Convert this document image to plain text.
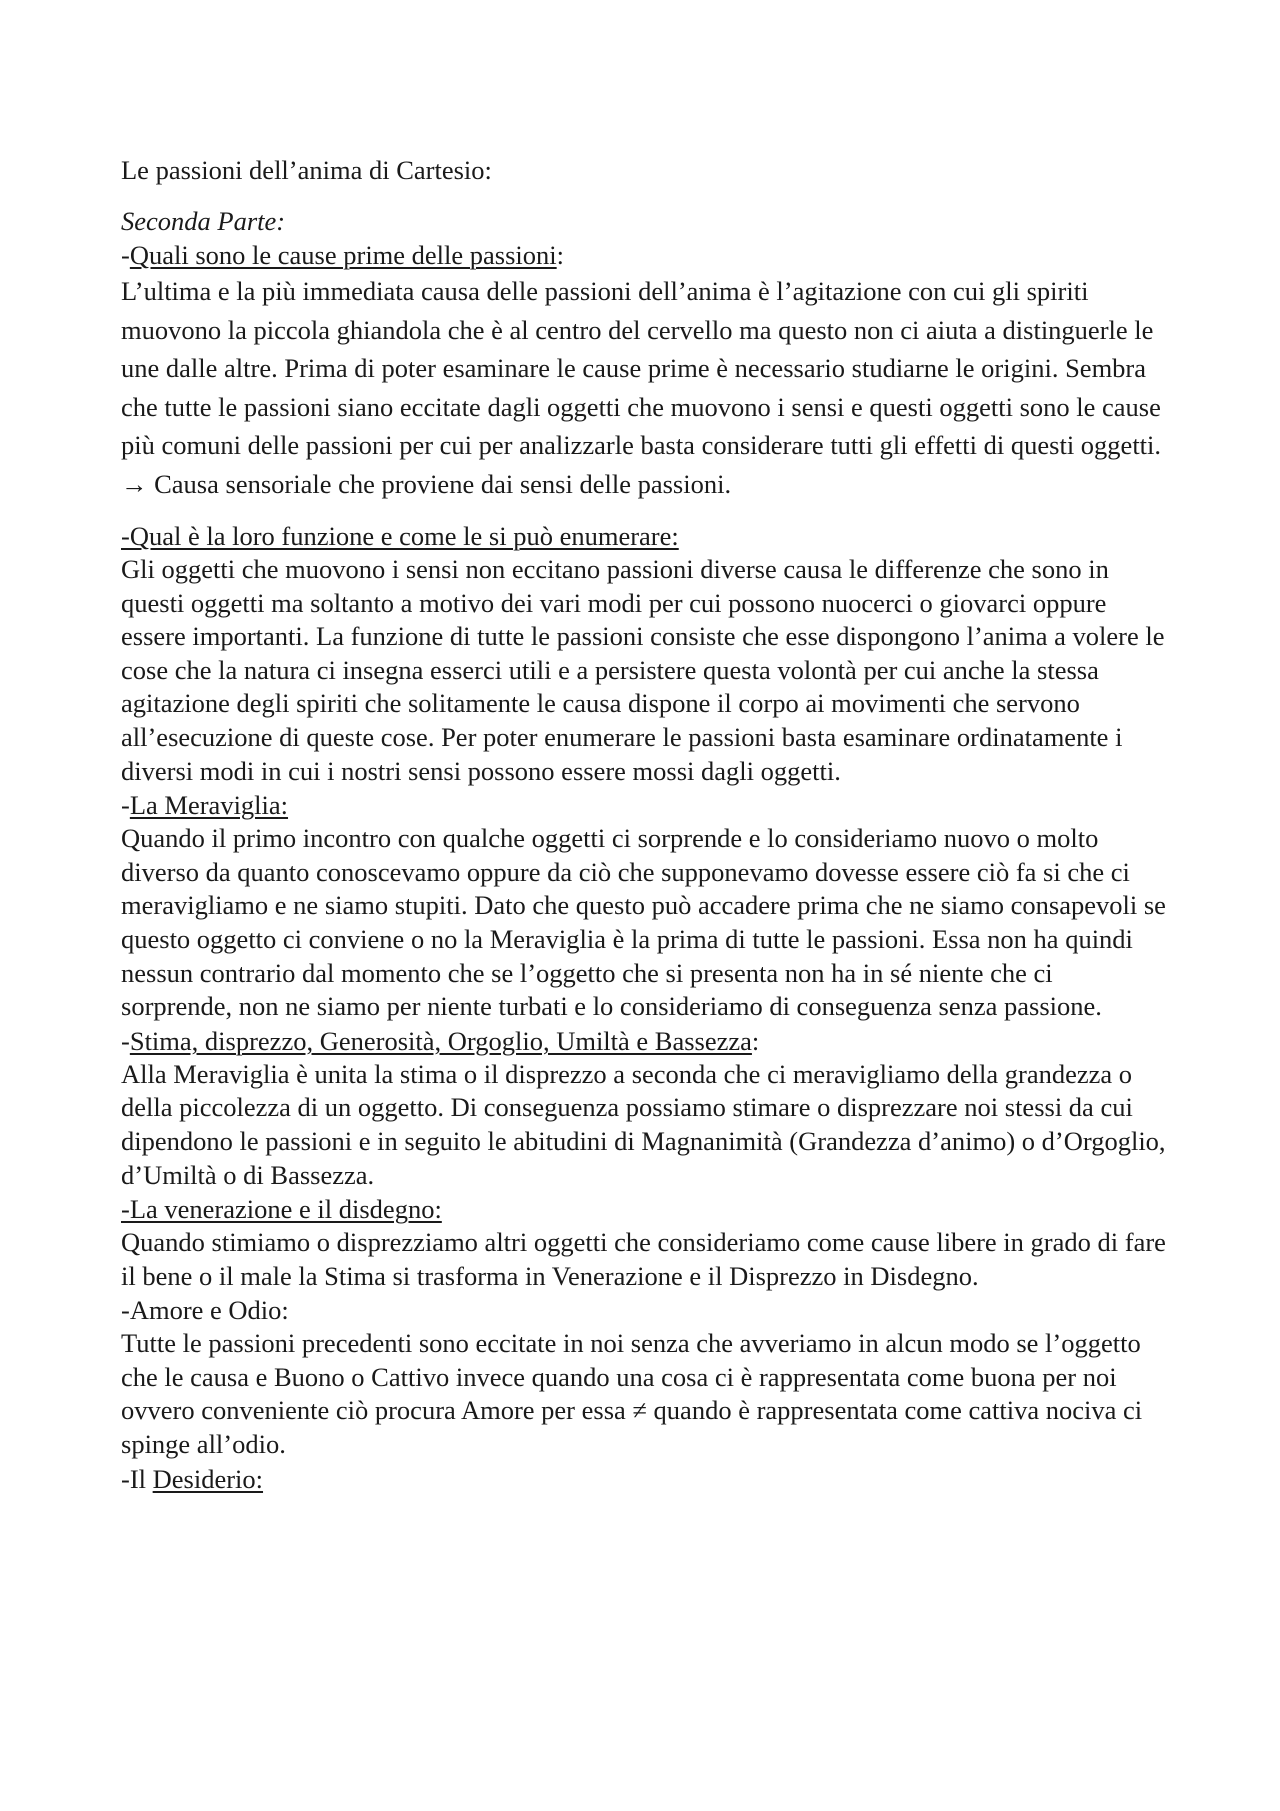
Le passioni dell’anima di Cartesio:

Seconda Parte:

-Quali sono le cause prime delle passioni:

L’ultima e la più immediata causa delle passioni dell’anima è l’agitazione con cui gli spiriti muovono la piccola ghiandola che è al centro del cervello ma questo non ci aiuta a distinguerle le une dalle altre. Prima di poter esaminare le cause prime è necessario studiarne le origini. Sembra che tutte le passioni siano eccitate dagli oggetti che muovono i sensi e questi oggetti sono le cause più comuni delle passioni per cui per analizzarle basta considerare tutti gli effetti di questi oggetti. → Causa sensoriale che proviene dai sensi delle passioni.

-Qual è la loro funzione e come le si può enumerare:

Gli oggetti che muovono i sensi non eccitano passioni diverse causa le differenze che sono in questi oggetti ma soltanto a motivo dei vari modi per cui possono nuocerci o giovarci oppure essere importanti. La funzione di tutte le passioni consiste che esse dispongono l’anima a volere le cose che la natura ci insegna esserci utili e a persistere questa volontà per cui anche la stessa agitazione degli spiriti che solitamente le causa dispone il corpo ai movimenti che servono all’esecuzione di queste cose. Per poter enumerare le passioni basta esaminare ordinatamente i diversi modi in cui i nostri sensi possono essere mossi dagli oggetti.

-La Meraviglia:

Quando il primo incontro con qualche oggetti ci sorprende e lo consideriamo nuovo o molto diverso da quanto conoscevamo oppure da ciò che supponevamo dovesse essere ciò fa si che ci meravigliamo e ne siamo stupiti. Dato che questo può accadere prima che ne siamo consapevoli se questo oggetto ci conviene o no la Meraviglia è la prima di tutte le passioni. Essa non ha quindi nessun contrario dal momento che se l’oggetto che si presenta non ha in sé niente che ci sorprende, non ne siamo per niente turbati e lo consideriamo di conseguenza senza passione.

-Stima, disprezzo, Generosità, Orgoglio, Umiltà e Bassezza:

Alla Meraviglia è unita la stima o il disprezzo a seconda che ci meravigliamo della grandezza o della piccolezza di un oggetto. Di conseguenza possiamo stimare o disprezzare noi stessi da cui dipendono le passioni e in seguito le abitudini di Magnanimità (Grandezza d’animo) o d’Orgoglio, d’Umiltà o di Bassezza.

-La venerazione e il disdegno:

Quando stimiamo o disprezziamo altri oggetti che consideriamo come cause libere in grado di fare il bene o il male la Stima si trasforma in Venerazione e il Disprezzo in Disdegno.

-Amore e Odio:

Tutte le passioni precedenti sono eccitate in noi senza che avveriamo in alcun modo se l’oggetto che le causa e Buono o Cattivo invece quando una cosa ci è rappresentata come buona per noi ovvero conveniente ciò procura Amore per essa ≠ quando è rappresentata come cattiva nociva ci spinge all’odio.

-Il Desiderio:
